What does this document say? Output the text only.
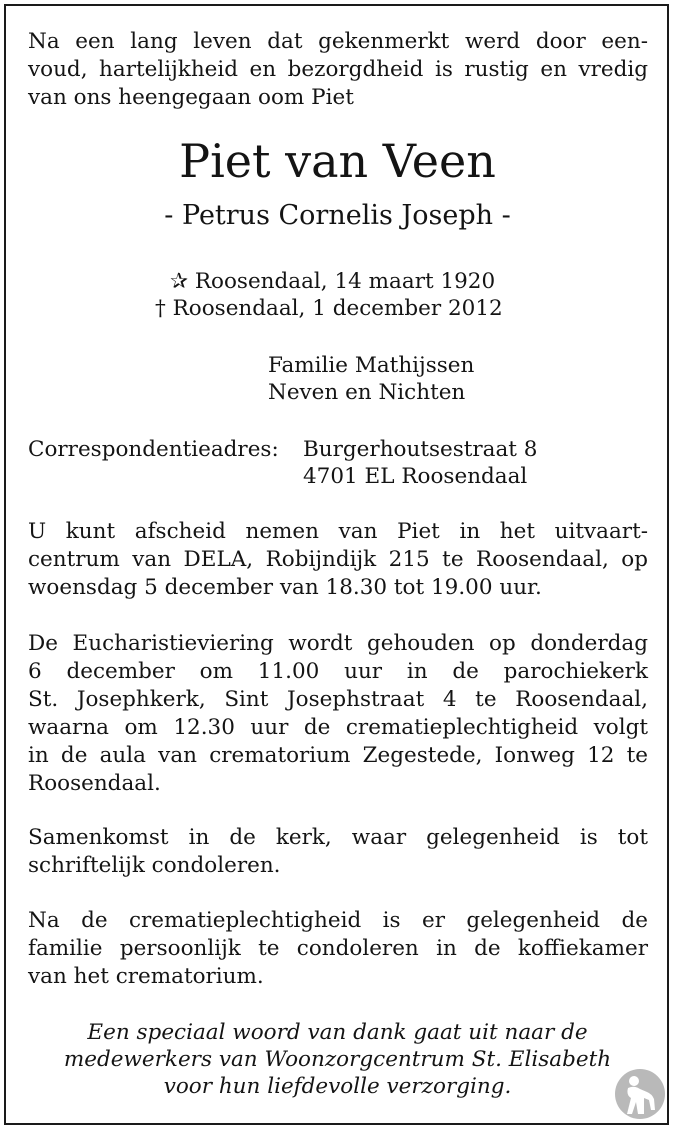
Na een lang leven dat gekenmerkt werd door een-
voud, hartelijkheid en bezorgdheid is rustig en vredig
van ons heengegaan oom Piet
Piet van Veen
- Petrus Cornelis Joseph -
✰ Roosendaal, 14 maart 1920
† Roosendaal, 1 december 2012
Familie Mathijssen
Neven en Nichten
Correspondentieadres: Burgerhoutsestraat 8
4701 EL Roosendaal
U kunt afscheid nemen van Piet in het uitvaart-
centrum van DELA, Robijndijk 215 te Roosendaal, op
woensdag 5 december van 18.30 tot 19.00 uur.
De Eucharistieviering wordt gehouden op donderdag
6 december om 11.00 uur in de parochiekerk
St. Josephkerk, Sint Josephstraat 4 te Roosendaal,
waarna om 12.30 uur de crematieplechtigheid volgt
in de aula van crematorium Zegestede, Ionweg 12 te
Roosendaal.
Samenkomst in de kerk, waar gelegenheid is tot
schriftelijk condoleren.
Na de crematieplechtigheid is er gelegenheid de
familie persoonlijk te condoleren in de koffiekamer
van het crematorium.
Een speciaal woord van dank gaat uit naar de
medewerkers van Woonzorgcentrum St. Elisabeth
voor hun liefdevolle verzorging.
